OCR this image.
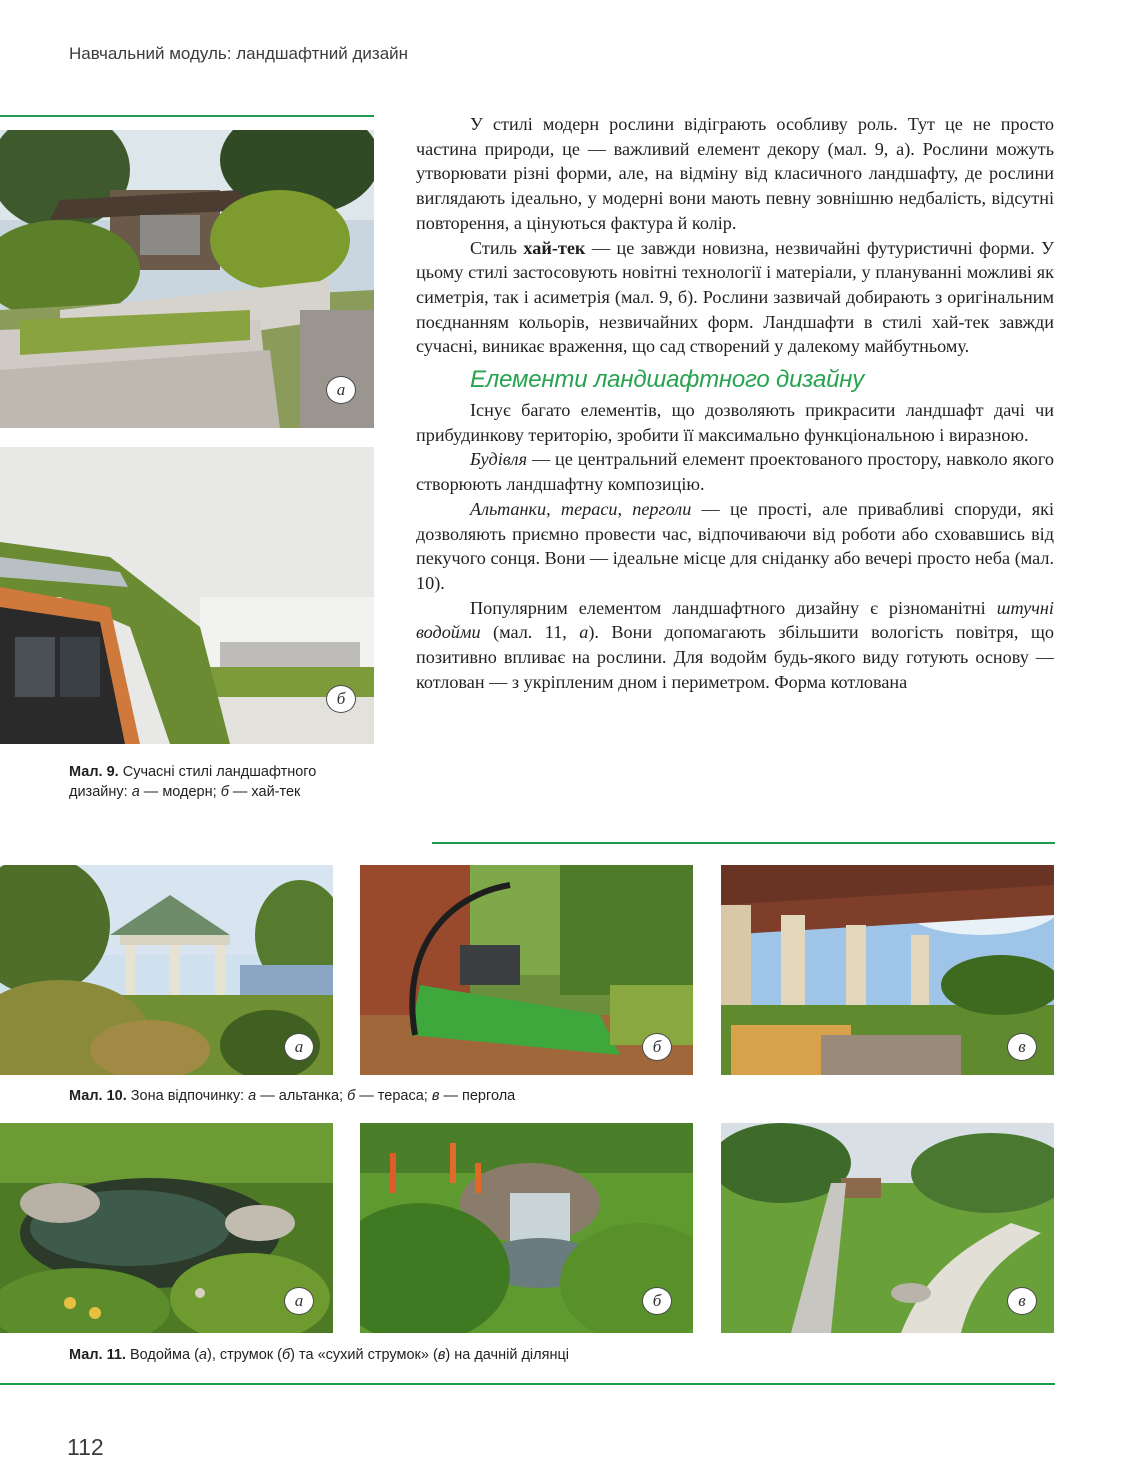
Навчальний модуль: ландшафтний дизайн
а
б
Мал. 9. Сучасні стилі ландшафтного дизайну: а — модерн; б — хай-тек

У стилі модерн рослини відіграють особливу роль. Тут це не просто частина природи, це — важливий елемент декору (мал. 9, а). Рослини можуть утворювати різні форми, але, на відміну від класичного ландшафту, де рослини виглядають ідеально, у модерні вони мають певну зовнішню недбалість, відсутні повторення, а цінуються фактура й колір.

Стиль хай-тек — це завжди новизна, незвичайні футуристичні форми. У цьому стилі застосовують новітні технології і матеріали, у плануванні можливі як симетрія, так і асиметрія (мал. 9, б). Рослини зазвичай добирають з оригінальним поєднанням кольорів, незвичайних форм. Ландшафти в стилі хай-тек завжди сучасні, виникає враження, що сад створений у далекому майбутньому.

Елементи ландшафтного дизайну

Існує багато елементів, що дозволяють прикрасити ландшафт дачі чи прибудинкову територію, зробити її максимально функціональною і виразною.

Будівля — це центральний елемент проектованого простору, навколо якого створюють ландшафтну композицію.

Альтанки, тераси, перголи — це прості, але привабливі споруди, які дозволяють приємно провести час, відпочиваючи від роботи або сховавшись від пекучого сонця. Вони — ідеальне місце для сніданку або вечері просто неба (мал. 10).

Популярним елементом ландшафтного дизайну є різноманітні штучні водойми (мал. 11, а). Вони допомагають збільшити вологість повітря, що позитивно впливає на рослини. Для водойм будь-якого виду готують основу — котлован — з укріпленим дном і периметром. Форма котлована

а	б	в
Мал. 10. Зона відпочинку: а — альтанка; б — тераса; в — пергола
а	б	в
Мал. 11. Водойма (а), струмок (б) та «сухий струмок» (в) на дачній ділянці
112
